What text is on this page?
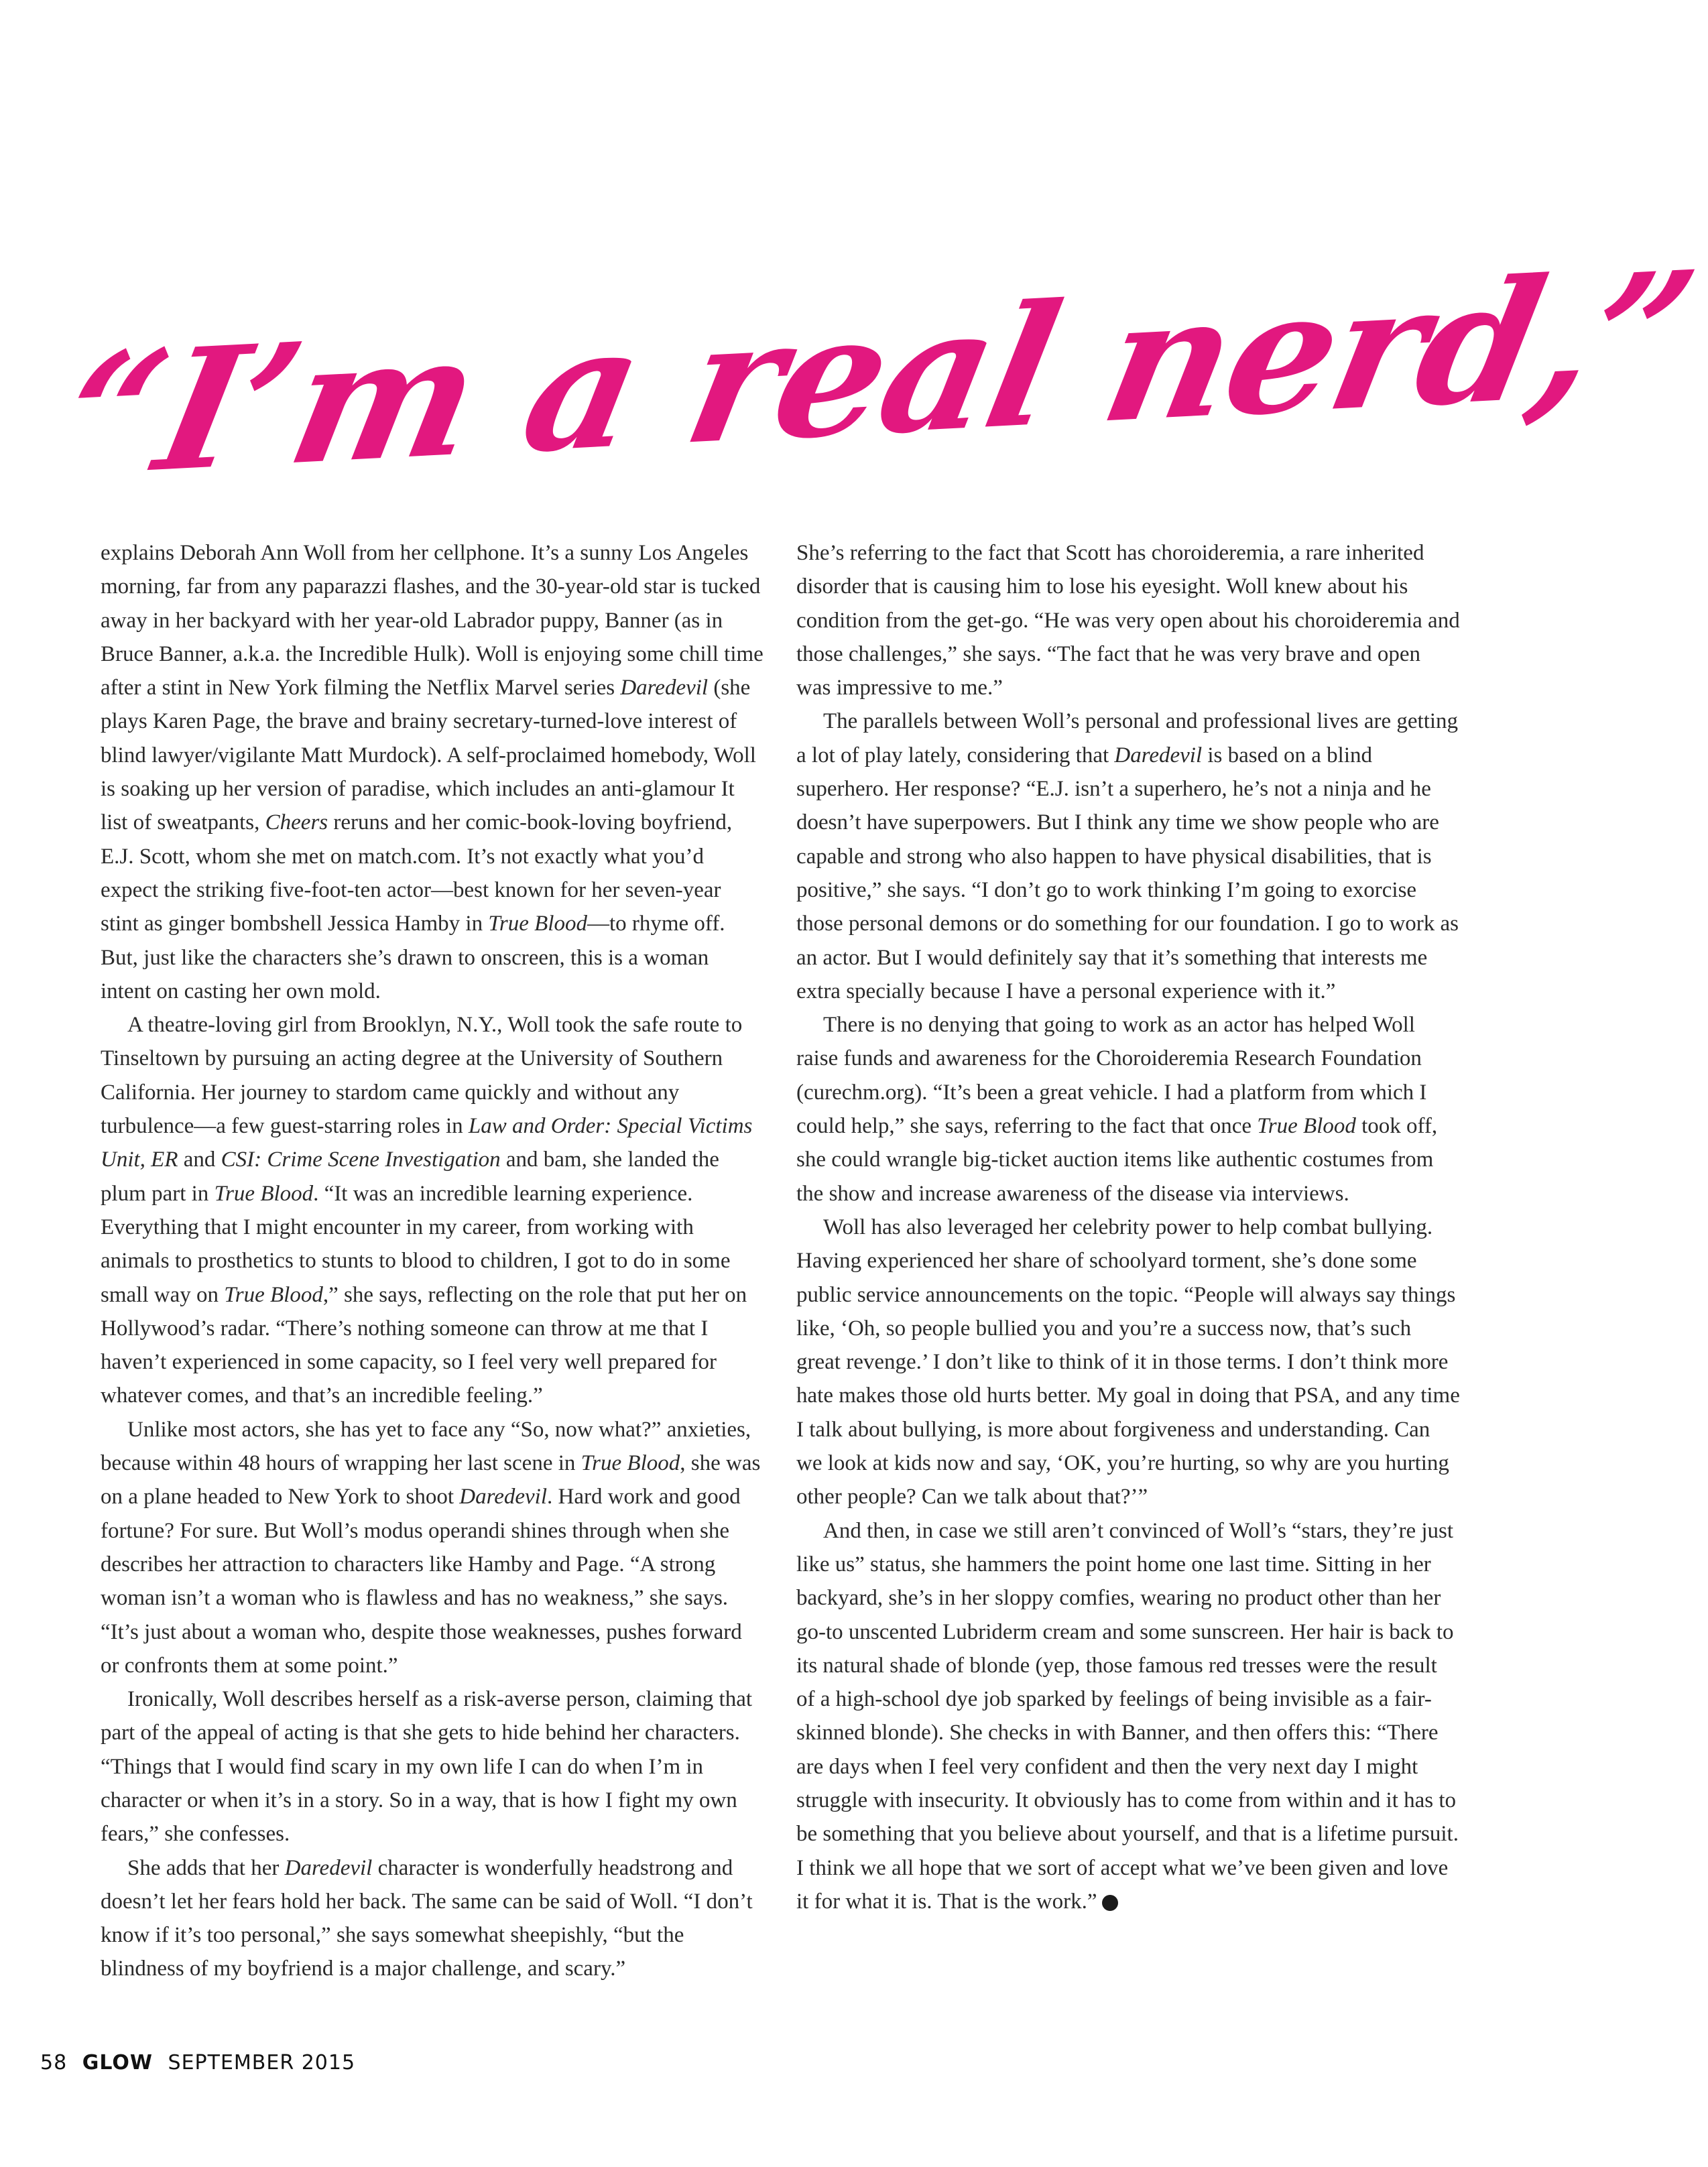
“I’m a real nerd,”

explains Deborah Ann Woll from her cellphone. It’s a sunny Los Angeles morning, far from any paparazzi flashes, and the 30-year-old star is tucked away in her backyard with her year-old Labrador puppy, Banner (as in Bruce Banner, a.k.a. the Incredible Hulk). Woll is enjoying some chill time after a stint in New York filming the Netflix Marvel series Daredevil (she plays Karen Page, the brave and brainy secretary-turned-love interest of blind lawyer/vigilante Matt Murdock). A self-proclaimed homebody, Woll is soaking up her version of paradise, which includes an anti-glamour It list of sweatpants, Cheers reruns and her comic-book-loving boyfriend, E.J. Scott, whom she met on match.com. It’s not exactly what you’d expect the striking five-foot-ten actor—best known for her seven-year stint as ginger bombshell Jessica Hamby in True Blood—to rhyme off. But, just like the characters she’s drawn to onscreen, this is a woman intent on casting her own mold.

A theatre-loving girl from Brooklyn, N.Y., Woll took the safe route to Tinseltown by pursuing an acting degree at the University of Southern California. Her journey to stardom came quickly and without any turbulence—a few guest-starring roles in Law and Order: Special Victims Unit, ER and CSI: Crime Scene Investigation and bam, she landed the plum part in True Blood. “It was an incredible learning experience. Everything that I might encounter in my career, from working with animals to prosthetics to stunts to blood to children, I got to do in some small way on True Blood,” she says, reflecting on the role that put her on Hollywood’s radar. “There’s nothing someone can throw at me that I haven’t experienced in some capacity, so I feel very well prepared for whatever comes, and that’s an incredible feeling.”

Unlike most actors, she has yet to face any “So, now what?” anxieties, because within 48 hours of wrapping her last scene in True Blood, she was on a plane headed to New York to shoot Daredevil. Hard work and good fortune? For sure. But Woll’s modus operandi shines through when she describes her attraction to characters like Hamby and Page. “A strong woman isn’t a woman who is flawless and has no weakness,” she says. “It’s just about a woman who, despite those weaknesses, pushes forward or confronts them at some point.”

Ironically, Woll describes herself as a risk-averse person, claiming that part of the appeal of acting is that she gets to hide behind her characters. “Things that I would find scary in my own life I can do when I’m in character or when it’s in a story. So in a way, that is how I fight my own fears,” she confesses.

She adds that her Daredevil character is wonderfully headstrong and doesn’t let her fears hold her back. The same can be said of Woll. “I don’t know if it’s too personal,” she says somewhat sheepishly, “but the blindness of my boyfriend is a major challenge, and scary.”

She’s referring to the fact that Scott has choroideremia, a rare inherited disorder that is causing him to lose his eyesight. Woll knew about his condition from the get-go. “He was very open about his choroideremia and those challenges,” she says. “The fact that he was very brave and open was impressive to me.”

The parallels between Woll’s personal and professional lives are getting a lot of play lately, considering that Daredevil is based on a blind superhero. Her response? “E.J. isn’t a superhero, he’s not a ninja and he doesn’t have superpowers. But I think any time we show people who are capable and strong who also happen to have physical disabilities, that is positive,” she says. “I don’t go to work thinking I’m going to exorcise those personal demons or do something for our foundation. I go to work as an actor. But I would definitely say that it’s something that interests me extra specially because I have a personal experience with it.”

There is no denying that going to work as an actor has helped Woll raise funds and awareness for the Choroideremia Research Foundation (curechm.org). “It’s been a great vehicle. I had a platform from which I could help,” she says, referring to the fact that once True Blood took off, she could wrangle big-ticket auction items like authentic costumes from the show and increase awareness of the disease via interviews.

Woll has also leveraged her celebrity power to help combat bullying. Having experienced her share of schoolyard torment, she’s done some public service announcements on the topic. “People will always say things like, ‘Oh, so people bullied you and you’re a success now, that’s such great revenge.’ I don’t like to think of it in those terms. I don’t think more hate makes those old hurts better. My goal in doing that PSA, and any time I talk about bullying, is more about forgiveness and understanding. Can we look at kids now and say, ‘OK, you’re hurting, so why are you hurting other people? Can we talk about that?’”

And then, in case we still aren’t convinced of Woll’s “stars, they’re just like us” status, she hammers the point home one last time. Sitting in her backyard, she’s in her sloppy comfies, wearing no product other than her go-to unscented Lubriderm cream and some sunscreen. Her hair is back to its natural shade of blonde (yep, those famous red tresses were the result of a high-school dye job sparked by feelings of being invisible as a fair-skinned blonde). She checks in with Banner, and then offers this: “There are days when I feel very confident and then the very next day I might struggle with insecurity. It obviously has to come from within and it has to be something that you believe about yourself, and that is a lifetime pursuit. I think we all hope that we sort of accept what we’ve been given and love it for what it is. That is the work.”	G

58 GLOW SEPTEMBER 2015
